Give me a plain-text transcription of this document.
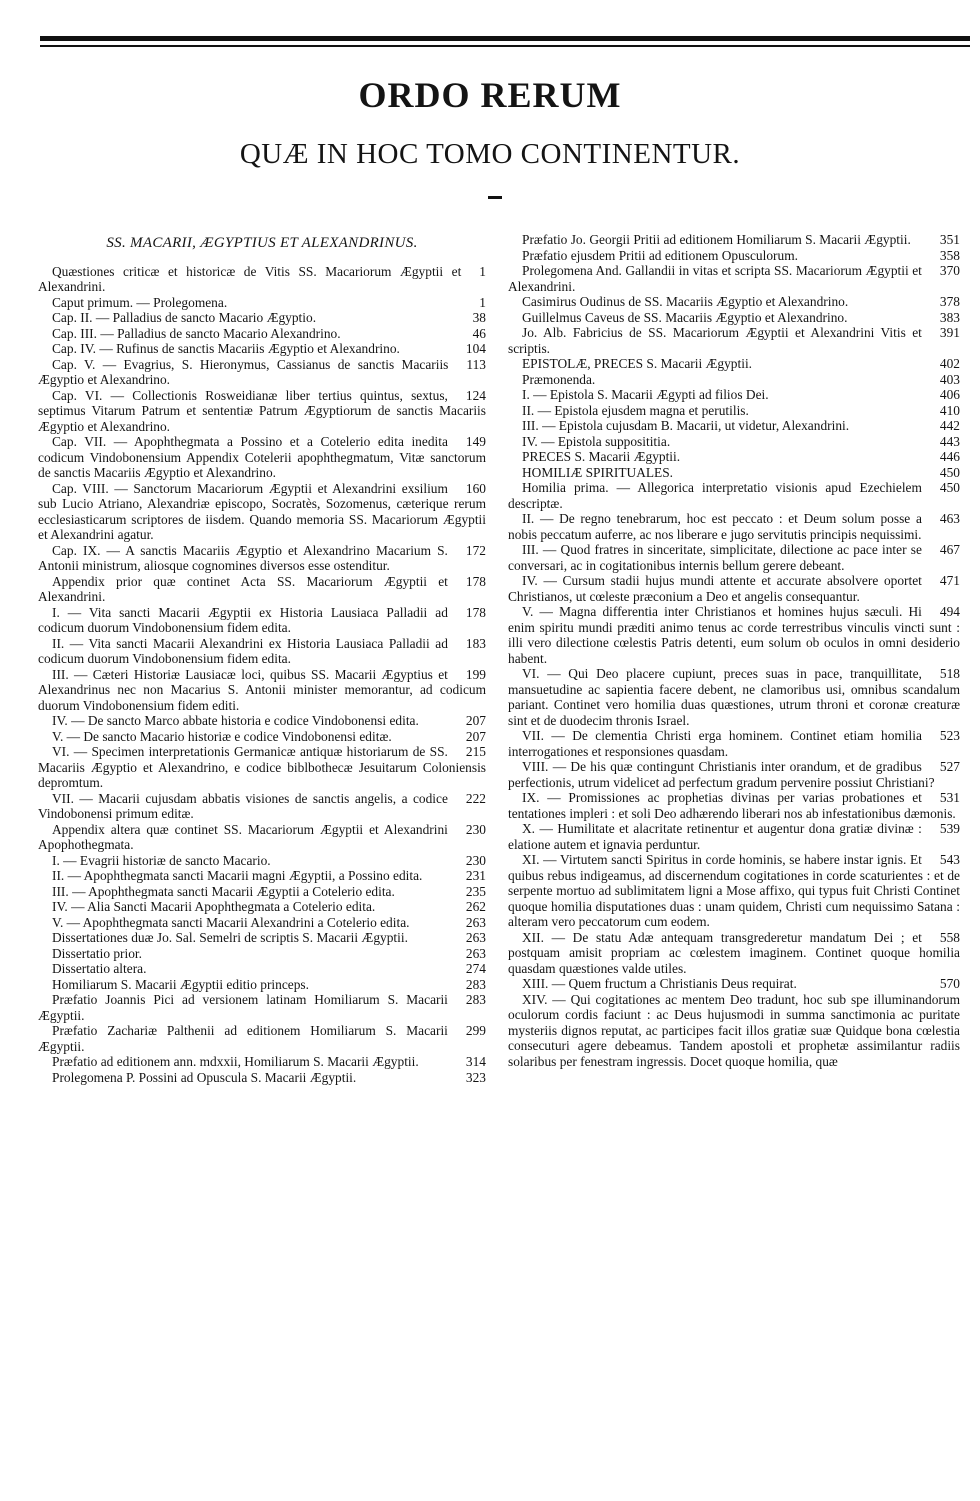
ORDO RERUM
QUÆ IN HOC TOMO CONTINENTUR.
SS. MACARII, ÆGYPTIUS ET ALEXANDRINUS.

1
Quæstiones criticæ et historicæ de Vitis SS. Macariorum Ægyptii et Alexandrini.

1
Caput primum. — Prolegomena.

38
Cap. II. — Palladius de sancto Macario Ægyptio.

46
Cap. III. — Palladius de sancto Macario Alexandrino.

104
Cap. IV. — Rufinus de sanctis Macariis Ægyptio et Alexandrino.

113
Cap. V. — Evagrius, S. Hieronymus, Cassianus de sanctis Macariis Ægyptio et Alexandrino.

124
Cap. VI. — Collectionis Rosweidianæ liber tertius quintus, sextus, septimus Vitarum Patrum et sententiæ Patrum Ægyptiorum de sanctis Macariis Ægyptio et Alexandrino.

149
Cap. VII. — Apophthegmata a Possino et a Cotelerio edita inedita codicum Vindobonensium Appendix Cotelerii apophthegmatum, Vitæ sanctorum de sanctis Macariis Ægyptio et Alexandrino.

160
Cap. VIII. — Sanctorum Macariorum Ægyptii et Alexandrini exsilium sub Lucio Atriano, Alexandriæ episcopo, Socratès, Sozomenus, cæterique rerum ecclesiasticarum scriptores de iisdem. Quando memoria SS. Macariorum Ægyptii et Alexandrini agatur.

172
Cap. IX. — A sanctis Macariis Ægyptio et Alexandrino Macarium S. Antonii ministrum, aliosque cognomines diversos esse ostenditur.

178
Appendix prior quæ continet Acta SS. Macariorum Ægyptii et Alexandrini.

178
I. — Vita sancti Macarii Ægyptii ex Historia Lausiaca Palladii ad codicum duorum Vindobonensium fidem edita.

183
II. — Vita sancti Macarii Alexandrini ex Historia Lausiaca Palladii ad codicum duorum Vindobonensium fidem edita.

199
III. — Cæteri Historiæ Lausiacæ loci, quibus SS. Macarii Ægyptius et Alexandrinus nec non Macarius S. Antonii minister memorantur, ad codicum duorum Vindobonensium fidem editi.

207
IV. — De sancto Marco abbate historia e codice Vindobonensi edita.

207
V. — De sancto Macario historiæ e codice Vindobonensi editæ.

215
VI. — Specimen interpretationis Germanicæ antiquæ historiarum de SS. Macariis Ægyptio et Alexandrino, e codice biblbothecæ Jesuitarum Coloniensis depromtum.

222
VII. — Macarii cujusdam abbatis visiones de sanctis angelis, a codice Vindobonensi primum editæ.

230
Appendix altera quæ continet SS. Macariorum Ægyptii et Alexandrini Apophothegmata.

230
I. — Evagrii historiæ de sancto Macario.

231
II. — Apophthegmata sancti Macarii magni Ægyptii, a Possino edita.

235
III. — Apophthegmata sancti Macarii Ægyptii a Cotelerio edita.

262
IV. — Alia Sancti Macarii Apophthegmata a Cotelerio edita.

263
V. — Apophthegmata sancti Macarii Alexandrini a Cotelerio edita.

263
Dissertationes duæ Jo. Sal. Semelri de scriptis S. Macarii Ægyptii.

263
Dissertatio prior.

274
Dissertatio altera.

283
Homiliarum S. Macarii Ægyptii editio princeps.

283
Præfatio Joannis Pici ad versionem latinam Homiliarum S. Macarii Ægyptii.

299
Præfatio Zachariæ Palthenii ad editionem Homiliarum S. Macarii Ægyptii.

314
Præfatio ad editionem ann. mdxxii, Homiliarum S. Macarii Ægyptii.

323
Prolegomena P. Possini ad Opuscula S. Macarii Ægyptii.

351
Præfatio Jo. Georgii Pritii ad editionem Homiliarum S. Macarii Ægyptii.

358
Præfatio ejusdem Pritii ad editionem Opusculorum.

370
Prolegomena And. Gallandii in vitas et scripta SS. Macariorum Ægyptii et Alexandrini.

378
Casimirus Oudinus de SS. Macariis Ægyptio et Alexandrino.

383
Guillelmus Caveus de SS. Macariis Ægyptio et Alexandrino.

391
Jo. Alb. Fabricius de SS. Macariorum Ægyptii et Alexandrini Vitis et scriptis.

402
EPISTOLÆ, PRECES S. Macarii Ægyptii.

403
Præmonenda.

406
I. — Epistola S. Macarii Ægypti ad filios Dei.

410
II. — Epistola ejusdem magna et perutilis.

442
III. — Epistola cujusdam B. Macarii, ut videtur, Alexandrini.

443
IV. — Epistola supposititia.

446
PRECES S. Macarii Ægyptii.

450
HOMILIÆ SPIRITUALES.

450
Homilia prima. — Allegorica interpretatio visionis apud Ezechielem descriptæ.

463
II. — De regno tenebrarum, hoc est peccato : et Deum solum posse a nobis peccatum auferre, ac nos liberare e jugo servitutis principis nequissimi.

467
III. — Quod fratres in sinceritate, simplicitate, dilectione ac pace inter se conversari, ac in cogitationibus internis bellum gerere debeant.

471
IV. — Cursum stadii hujus mundi attente et accurate absolvere oportet Christianos, ut cœleste præconium a Deo et angelis consequantur.

494
V. — Magna differentia inter Christianos et homines hujus sæculi. Hi enim spiritu mundi præditi animo tenus ac corde terrestribus vinculis vincti sunt : illi vero dilectione cœlestis Patris detenti, eum solum ob oculos in omni desiderio habent.

518
VI. — Qui Deo placere cupiunt, preces suas in pace, tranquillitate, mansuetudine ac sapientia facere debent, ne clamoribus usi, omnibus scandalum pariant. Continet vero homilia duas quæstiones, utrum throni et coronæ creaturæ sint et de duodecim thronis Israel.

523
VII. — De clementia Christi erga hominem. Continet etiam homilia interrogationes et responsiones quasdam.

527
VIII. — De his quæ contingunt Christianis inter orandum, et de gradibus perfectionis, utrum videlicet ad perfectum gradum pervenire possiut Christiani?

531
IX. — Promissiones ac prophetias divinas per varias probationes et tentationes impleri : et soli Deo adhærendo liberari nos ab infestationibus dæmonis.

539
X. — Humilitate et alacritate retinentur et augentur dona gratiæ divinæ : elatione autem et ignavia perduntur.

543
XI. — Virtutem sancti Spiritus in corde hominis, se habere instar ignis. Et quibus rebus indigeamus, ad discernendum cogitationes in corde scaturientes : et de serpente mortuo ad sublimitatem ligni a Mose affixo, qui typus fuit Christi Continet quoque homilia disputationes duas : unam quidem, Christi cum nequissimo Satana : alteram vero peccatorum cum eodem.

558
XII. — De statu Adæ antequam transgrederetur mandatum Dei ; et postquam amisit propriam ac cœlestem imaginem. Continet quoque homilia quasdam quæstiones valde utiles.

570
XIII. — Quem fructum a Christianis Deus requirat.

XIV. — Qui cogitationes ac mentem Deo tradunt, hoc sub spe illuminandorum oculorum cordis faciunt : ac Deus hujusmodi in summa sanctimonia ac puritate mysteriis dignos reputat, ac participes facit illos gratiæ suæ Quidque bona cœlestia consecuturi agere debeamus. Tandem apostoli et prophetæ assimilantur radiis solaribus per fenestram ingressis. Docet quoque homilia, quæ
